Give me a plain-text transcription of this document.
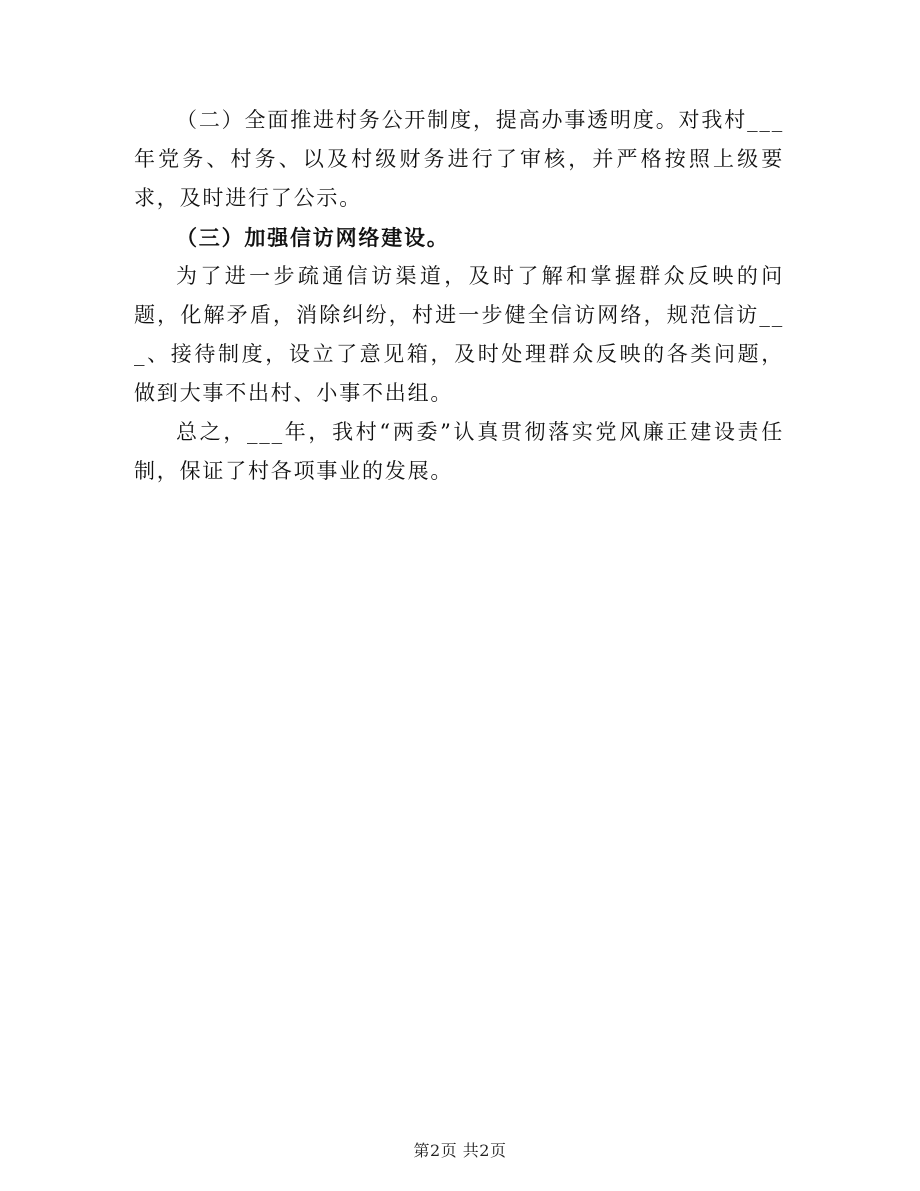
（二）全面推进村务公开制度，提高办事透明度。对我村___年党务、村务、以及村级财务进行了审核，并严格按照上级要求，及时进行了公示。

（三）加强信访网络建设。

为了进一步疏通信访渠道，及时了解和掌握群众反映的问题，化解矛盾，消除纠纷，村进一步健全信访网络，规范信访___、接待制度，设立了意见箱，及时处理群众反映的各类问题，做到大事不出村、小事不出组。

总之，___年，我村“两委”认真贯彻落实党风廉正建设责任制，保证了村各项事业的发展。

第2页 共2页
